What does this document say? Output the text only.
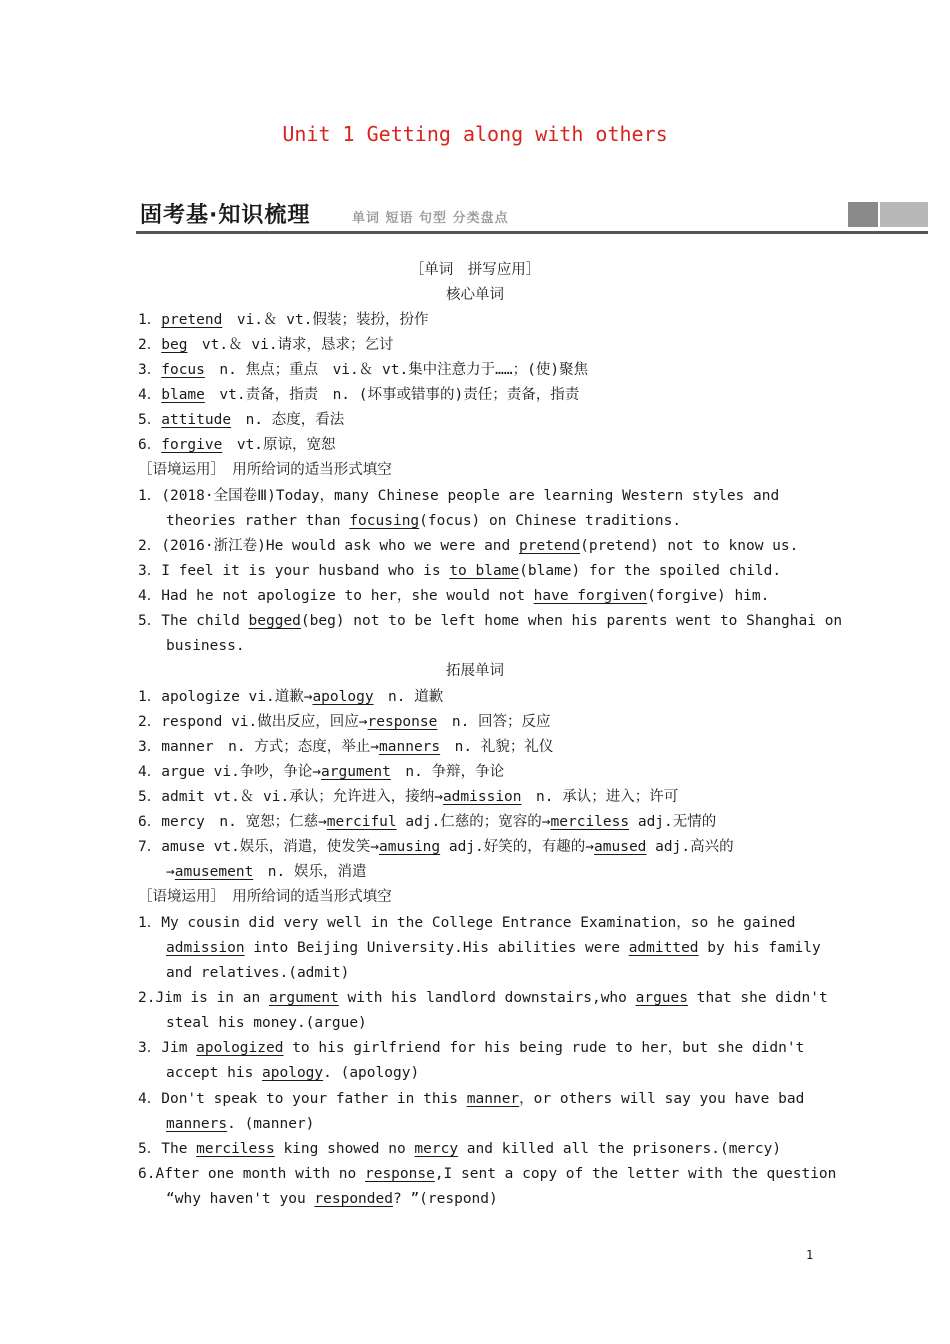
Unit 1 Getting along with others
固考基·知识梳理	单词 短语 句型 分类盘点
［单词　拼写应用］
核心单词
1．pretend　vi.＆ vt.假装；装扮，扮作
2．beg　vt.＆ vi.请求，恳求；乞讨
3．focus　n. 焦点；重点　vi.＆ vt.集中注意力于……；(使)聚焦
4．blame　vt.责备，指责　n. (坏事或错事的)责任；责备，指责
5．attitude　n. 态度，看法
6．forgive　vt.原谅，宽恕
［语境运用］　用所给词的适当形式填空
1．(2018·全国卷Ⅲ)Today，many Chinese people are learning Western styles and
theories rather than focusing(focus) on Chinese traditions.
2．(2016·浙江卷)He would ask who we were and pretend(pretend) not to know us.
3．I feel it is your husband who is to blame(blame) for the spoiled child.
4．Had he not apologize to her，she would not have forgiven(forgive) him.
5．The child begged(beg) not to be left home when his parents went to Shanghai on
business.
拓展单词
1．apologize vi.道歉→apology　n. 道歉
2．respond vi.做出反应，回应→response　n. 回答；反应
3．manner　n. 方式；态度，举止→manners　n. 礼貌；礼仪
4．argue vi.争吵，争论→argument　n. 争辩，争论
5．admit vt.＆ vi.承认；允许进入，接纳→admission　n. 承认；进入；许可
6．mercy　n. 宽恕；仁慈→merciful adj.仁慈的；宽容的→merciless adj.无情的
7．amuse vt.娱乐，消遣，使发笑→amusing adj.好笑的，有趣的→amused adj.高兴的
→amusement　n. 娱乐，消遣
［语境运用］　用所给词的适当形式填空
1．My cousin did very well in the College Entrance Examination，so he gained
admission into Beijing University.His abilities were admitted by his family
and relatives.(admit)
2.Jim is in an argument with his landlord downstairs,who argues that she didn't
steal his money.(argue)
3．Jim apologized to his girlfriend for his being rude to her，but she didn't
accept his apology. (apology)
4．Don't speak to your father in this manner，or others will say you have bad
manners. (manner)
5．The merciless king showed no mercy and killed all the prisoners.(mercy)
6.After one month with no response,I sent a copy of the letter with the question
“why haven't you responded? ”(respond)
1
